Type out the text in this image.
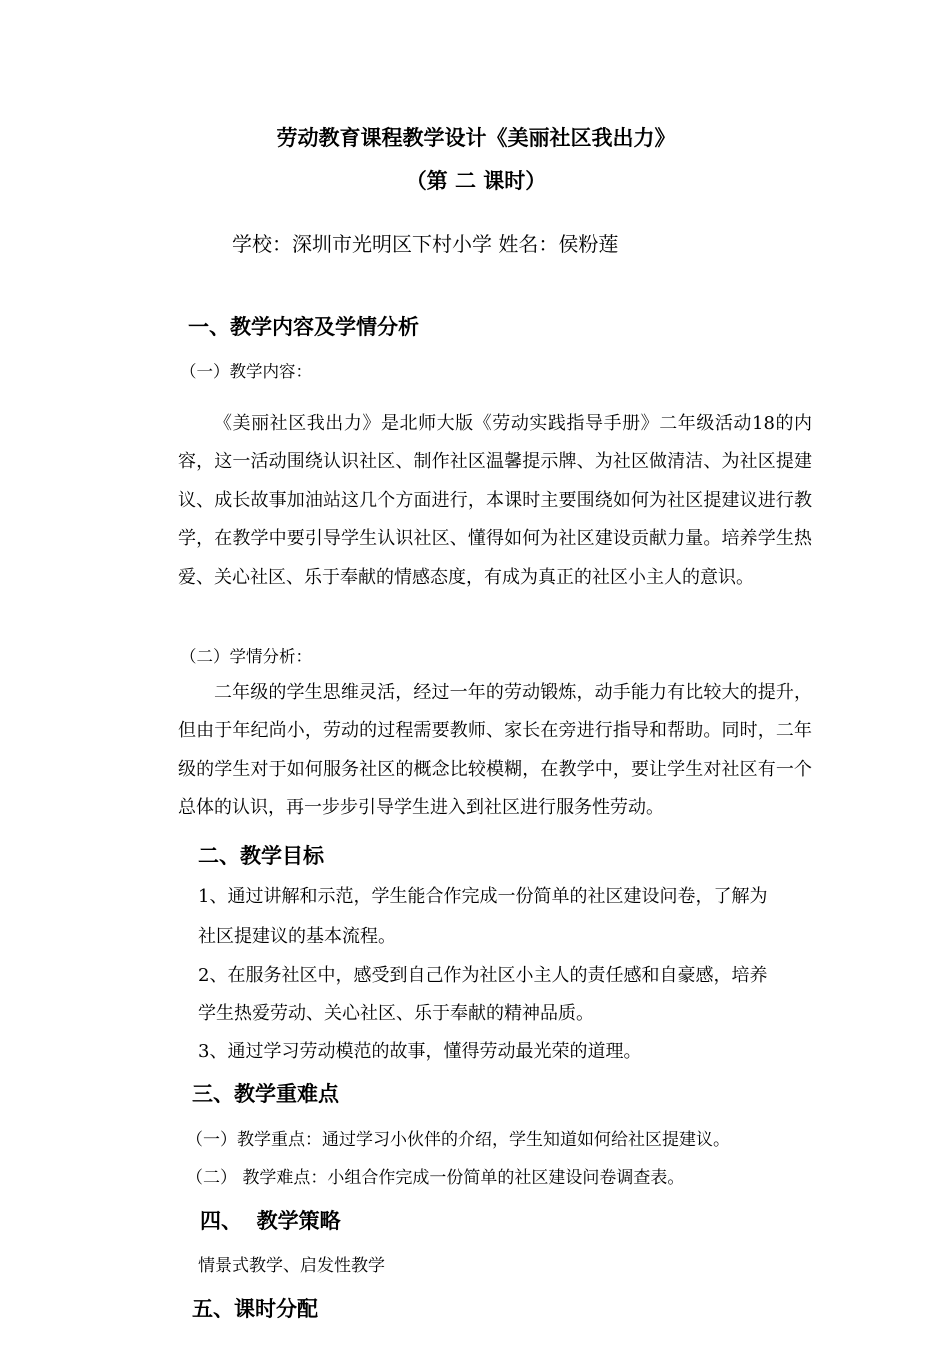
劳动教育课程教学设计《美丽社区我出力》
（第 二 课时）
学校：深圳市光明区下村小学 姓名：侯粉莲
一、教学内容及学情分析
（一）教学内容：
《美丽社区我出力》是北师大版《劳动实践指导手册》二年级活动18的内容，这一活动围绕认识社区、制作社区温馨提示牌、为社区做清洁、为社区提建议、成长故事加油站这几个方面进行，本课时主要围绕如何为社区提建议进行教学，在教学中要引导学生认识社区、懂得如何为社区建设贡献力量。培养学生热爱、关心社区、乐于奉献的情感态度，有成为真正的社区小主人的意识。
（二）学情分析：
二年级的学生思维灵活，经过一年的劳动锻炼，动手能力有比较大的提升，但由于年纪尚小，劳动的过程需要教师、家长在旁进行指导和帮助。同时，二年级的学生对于如何服务社区的概念比较模糊，在教学中，要让学生对社区有一个总体的认识，再一步步引导学生进入到社区进行服务性劳动。
二、教学目标
1、通过讲解和示范，学生能合作完成一份简单的社区建设问卷，了解为
社区提建议的基本流程。
2、在服务社区中，感受到自己作为社区小主人的责任感和自豪感，培养
学生热爱劳动、关心社区、乐于奉献的精神品质。
3、通过学习劳动模范的故事，懂得劳动最光荣的道理。
三、教学重难点
（一）教学重点：通过学习小伙伴的介绍，学生知道如何给社区提建议。
（二） 教学难点：小组合作完成一份简单的社区建设问卷调查表。
四、  教学策略
情景式教学、启发性教学
五、课时分配
